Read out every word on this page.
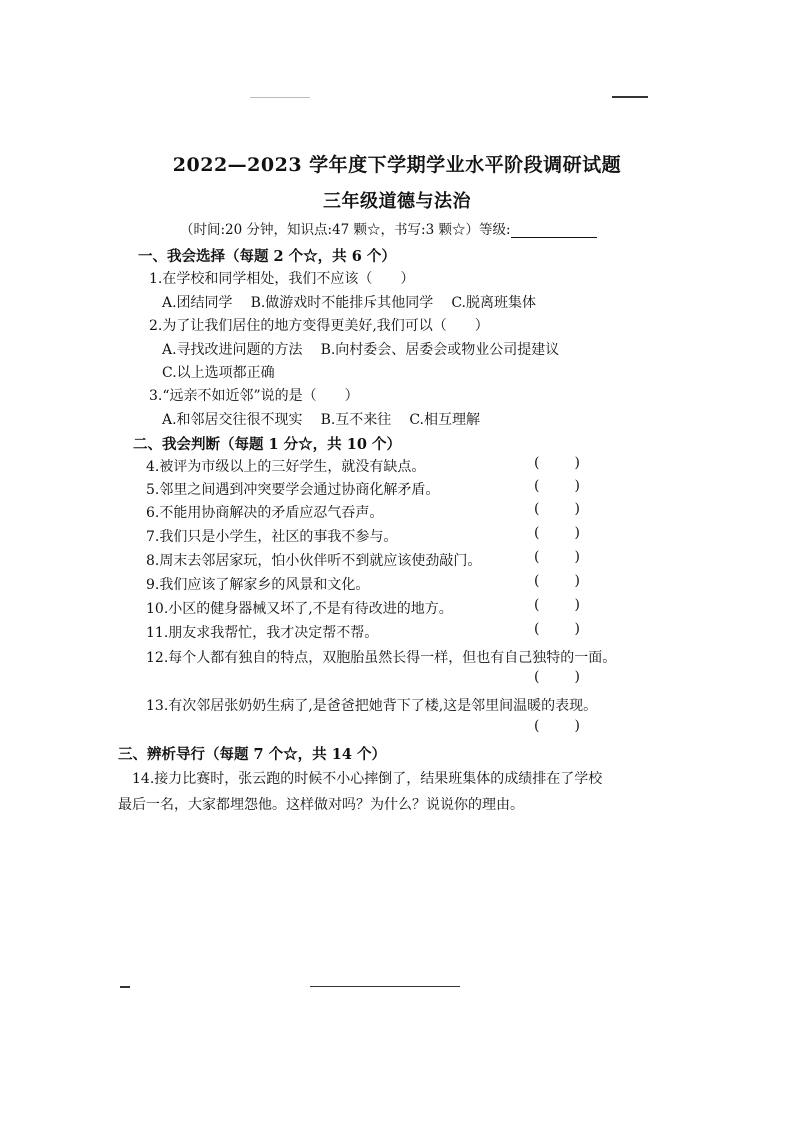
2022—2023 学年度下学期学业水平阶段调研试题
三年级道德与法治
（时间:20 分钟，知识点:47 颗☆，书写:3 颗☆）等级:
一、我会选择（每题 2 个☆，共 6 个）
1.在学校和同学相处，我们不应该（　　）
A.团结同学 B.做游戏时不能排斥其他同学 C.脱离班集体
2.为了让我们居住的地方变得更美好,我们可以（　　）
A.寻找改进问题的方法 B.向村委会、居委会或物业公司提建议
C.以上选项都正确
3.“远亲不如近邻”说的是（　　）
A.和邻居交往很不现实 B.互不来往 C.相互理解
二、我会判断（每题 1 分☆，共 10 个）
4.被评为市级以上的三好学生，就没有缺点。	(	)
5.邻里之间遇到冲突要学会通过协商化解矛盾。	(	)
6.不能用协商解决的矛盾应忍气吞声。	(	)
7.我们只是小学生，社区的事我不参与。	(	)
8.周末去邻居家玩，怕小伙伴听不到就应该使劲敲门。	(	)
9.我们应该了解家乡的风景和文化。	(	)
10.小区的健身器械又坏了,不是有待改进的地方。	(	)
11.朋友求我帮忙，我才决定帮不帮。	(	)
12.每个人都有独自的特点，双胞胎虽然长得一样，但也有自己独特的一面。
(	)
13.有次邻居张奶奶生病了,是爸爸把她背下了楼,这是邻里间温暖的表现。
(	)
三、辨析导行（每题 7 个☆，共 14 个）
14.接力比赛时，张云跑的时候不小心摔倒了，结果班集体的成绩排在了学校
最后一名，大家都埋怨他。这样做对吗？为什么？说说你的理由。
